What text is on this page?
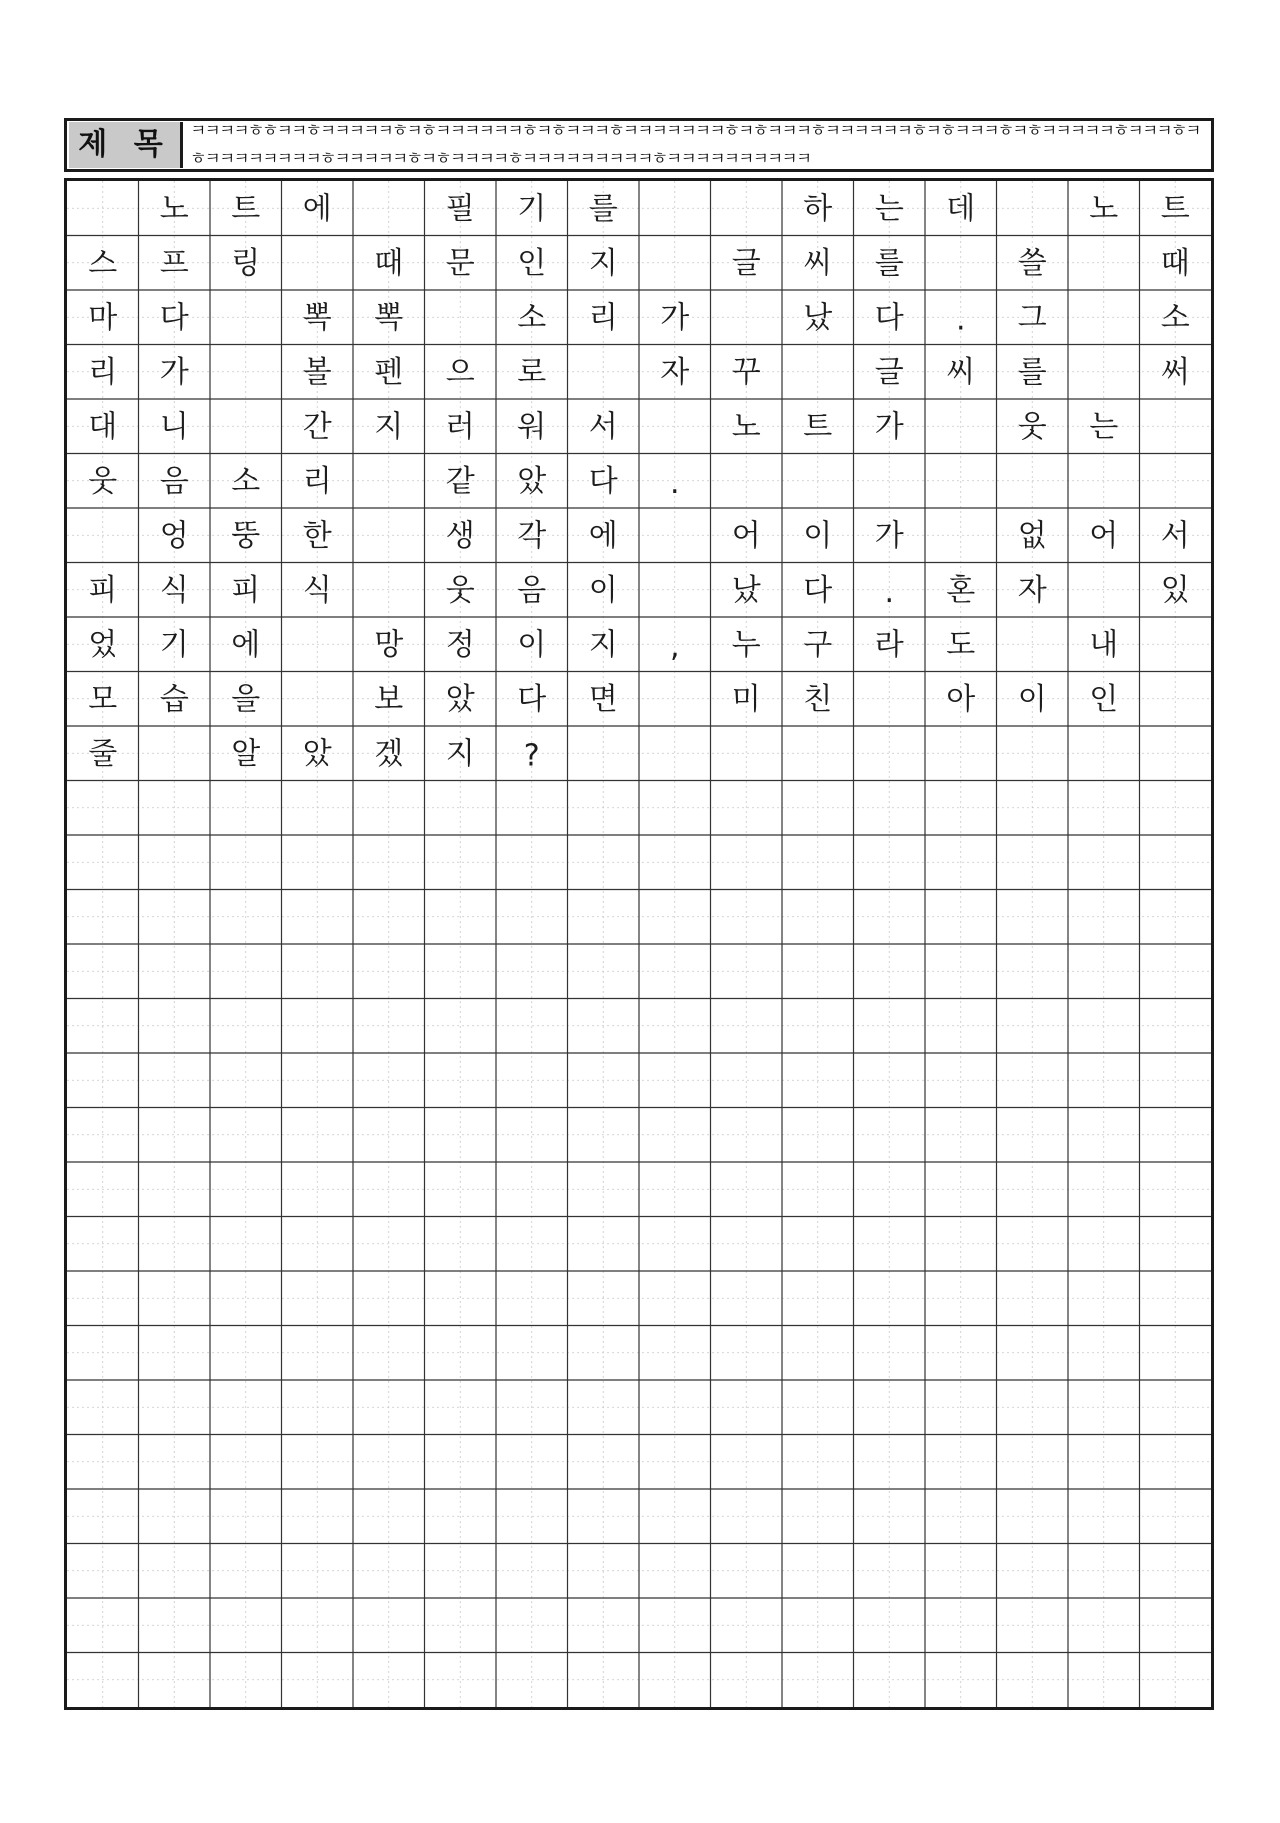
제 목	ㅋㅋㅋㅋㅎㅎㅋㅋㅎㅋㅋㅋㅋㅋㅎㅋㅎㅋㅋㅋㅋㅋㅋㅎㅋㅎㅋㅋㅋㅎㅋㅋㅋㅋㅋㅋㅋㅎㅋㅎㅋㅋㅋㅎㅋㅋㅋㅋㅋㅋㅎㅋㅎㅋㅋㅋㅎㅋㅎㅋㅋㅋㅋㅋㅎㅋㅋㅋㅎㅋㅎㅋㅋㅋㅋㅋㅋㅋㅋㅎㅋㅋㅋㅋㅋㅎㅋㅎㅋㅋㅋㅋㅎㅋㅋㅋㅋㅋㅋㅋㅋㅋㅎㅋㅋㅋㅋㅋㅋㅋㅋㅋㅋ
노 트 에	필 기 를	하 는 데	노 트
스 프 링	때 문 인 지	글 씨 를	쓸	때
마 다	뽁 뽁	소 리 가	났 다 . 그	소
리 가	볼 펜 으 로	자 꾸	글 씨 를	써
대 니	간 지 러 워 서	노 트 가	웃 는
웃 음 소 리	같 았 다 .
엉 뚱 한	생 각 에	어 이 가	없 어 서
피 식 피 식	웃 음 이	났 다 . 혼 자	있
었 기 에	망 정 이 지 , 누 구 라 도	내
모 습 을	보 았 다 면	미 친	아 이 인
줄	알 았 겠 지 ?
